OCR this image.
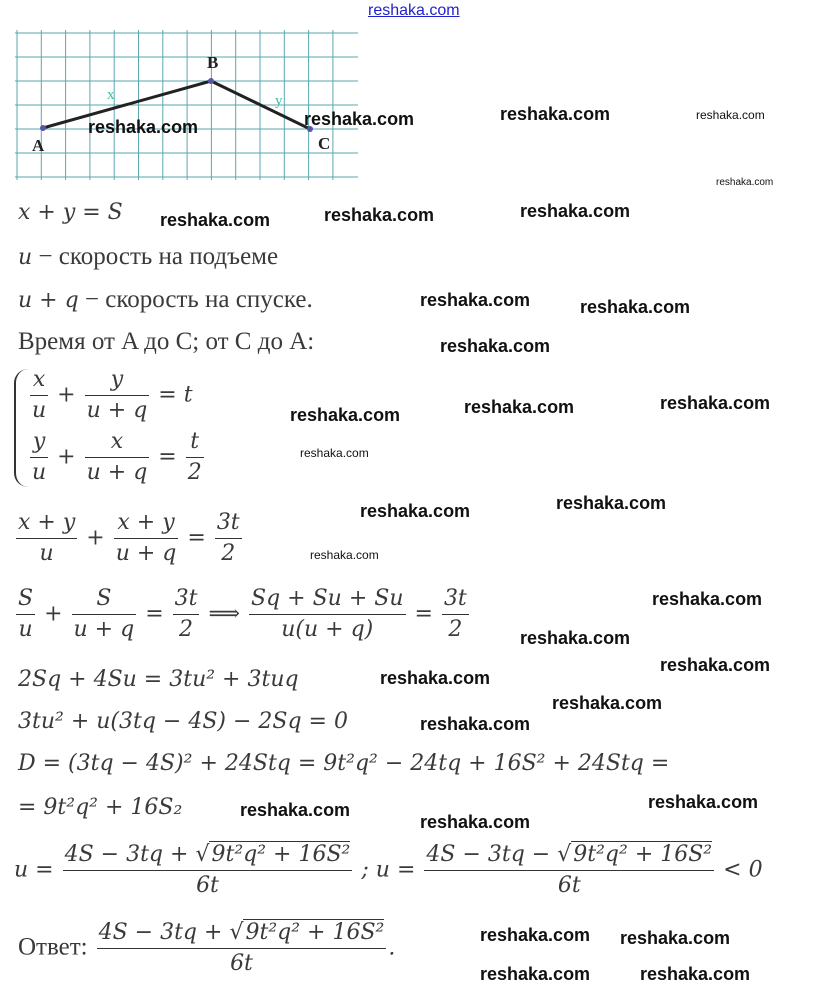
A
B
C
x	y
x + y = S
u − скорость на подъеме
u + q − скорость на спуске.
Время от A до C; от C до A:
$\frac{x}{u} + \frac{y}{u + q} = t$
$\frac{y}{u} + \frac{x}{u + q} = \frac{t}{2}$
$\frac{x + y}{u} + \frac{x + y}{u + q} = \frac{3t}{2}$
$\frac{S}{u} + \frac{S}{u + q} = \frac{3t}{2}$ ⟹ $\frac{Sq + Su + Su}{u(u + q)} = \frac{3t}{2}$
2Sq + 4Su = 3tu² + 3tuq
3tu² + u(3tq − 4S) − 2Sq = 0
D = (3tq − 4S)² + 24Stq = 9t²q² − 24tq + 16S² + 24Stq =
= 9t²q² + 16S₂
$u = \frac{\text{4S − 3tq + √9t²q² + 16S²}}{6t}$ ; $u = \frac{\text{4S − 3tq − √9t²q² + 16S²}}{6t} < 0$
Ответ: $\frac{\text{4S − 3tq + √9t²q² + 16S²}}{6t}$ .
reshaka.com
reshaka.com	reshaka.com	reshaka.com	reshaka.com
reshaka.com
reshaka.com	reshaka.com	reshaka.com
reshaka.com
reshaka.com	reshaka.com
reshaka.com	reshaka.com	reshaka.com
reshaka.com
reshaka.com
reshaka.com	reshaka.com
reshaka.com
reshaka.com
reshaka.com
reshaka.com
reshaka.com
reshaka.com
reshaka.com	reshaka.com
reshaka.com
reshaka.com
reshaka.com	reshaka.com
reshaka.com
